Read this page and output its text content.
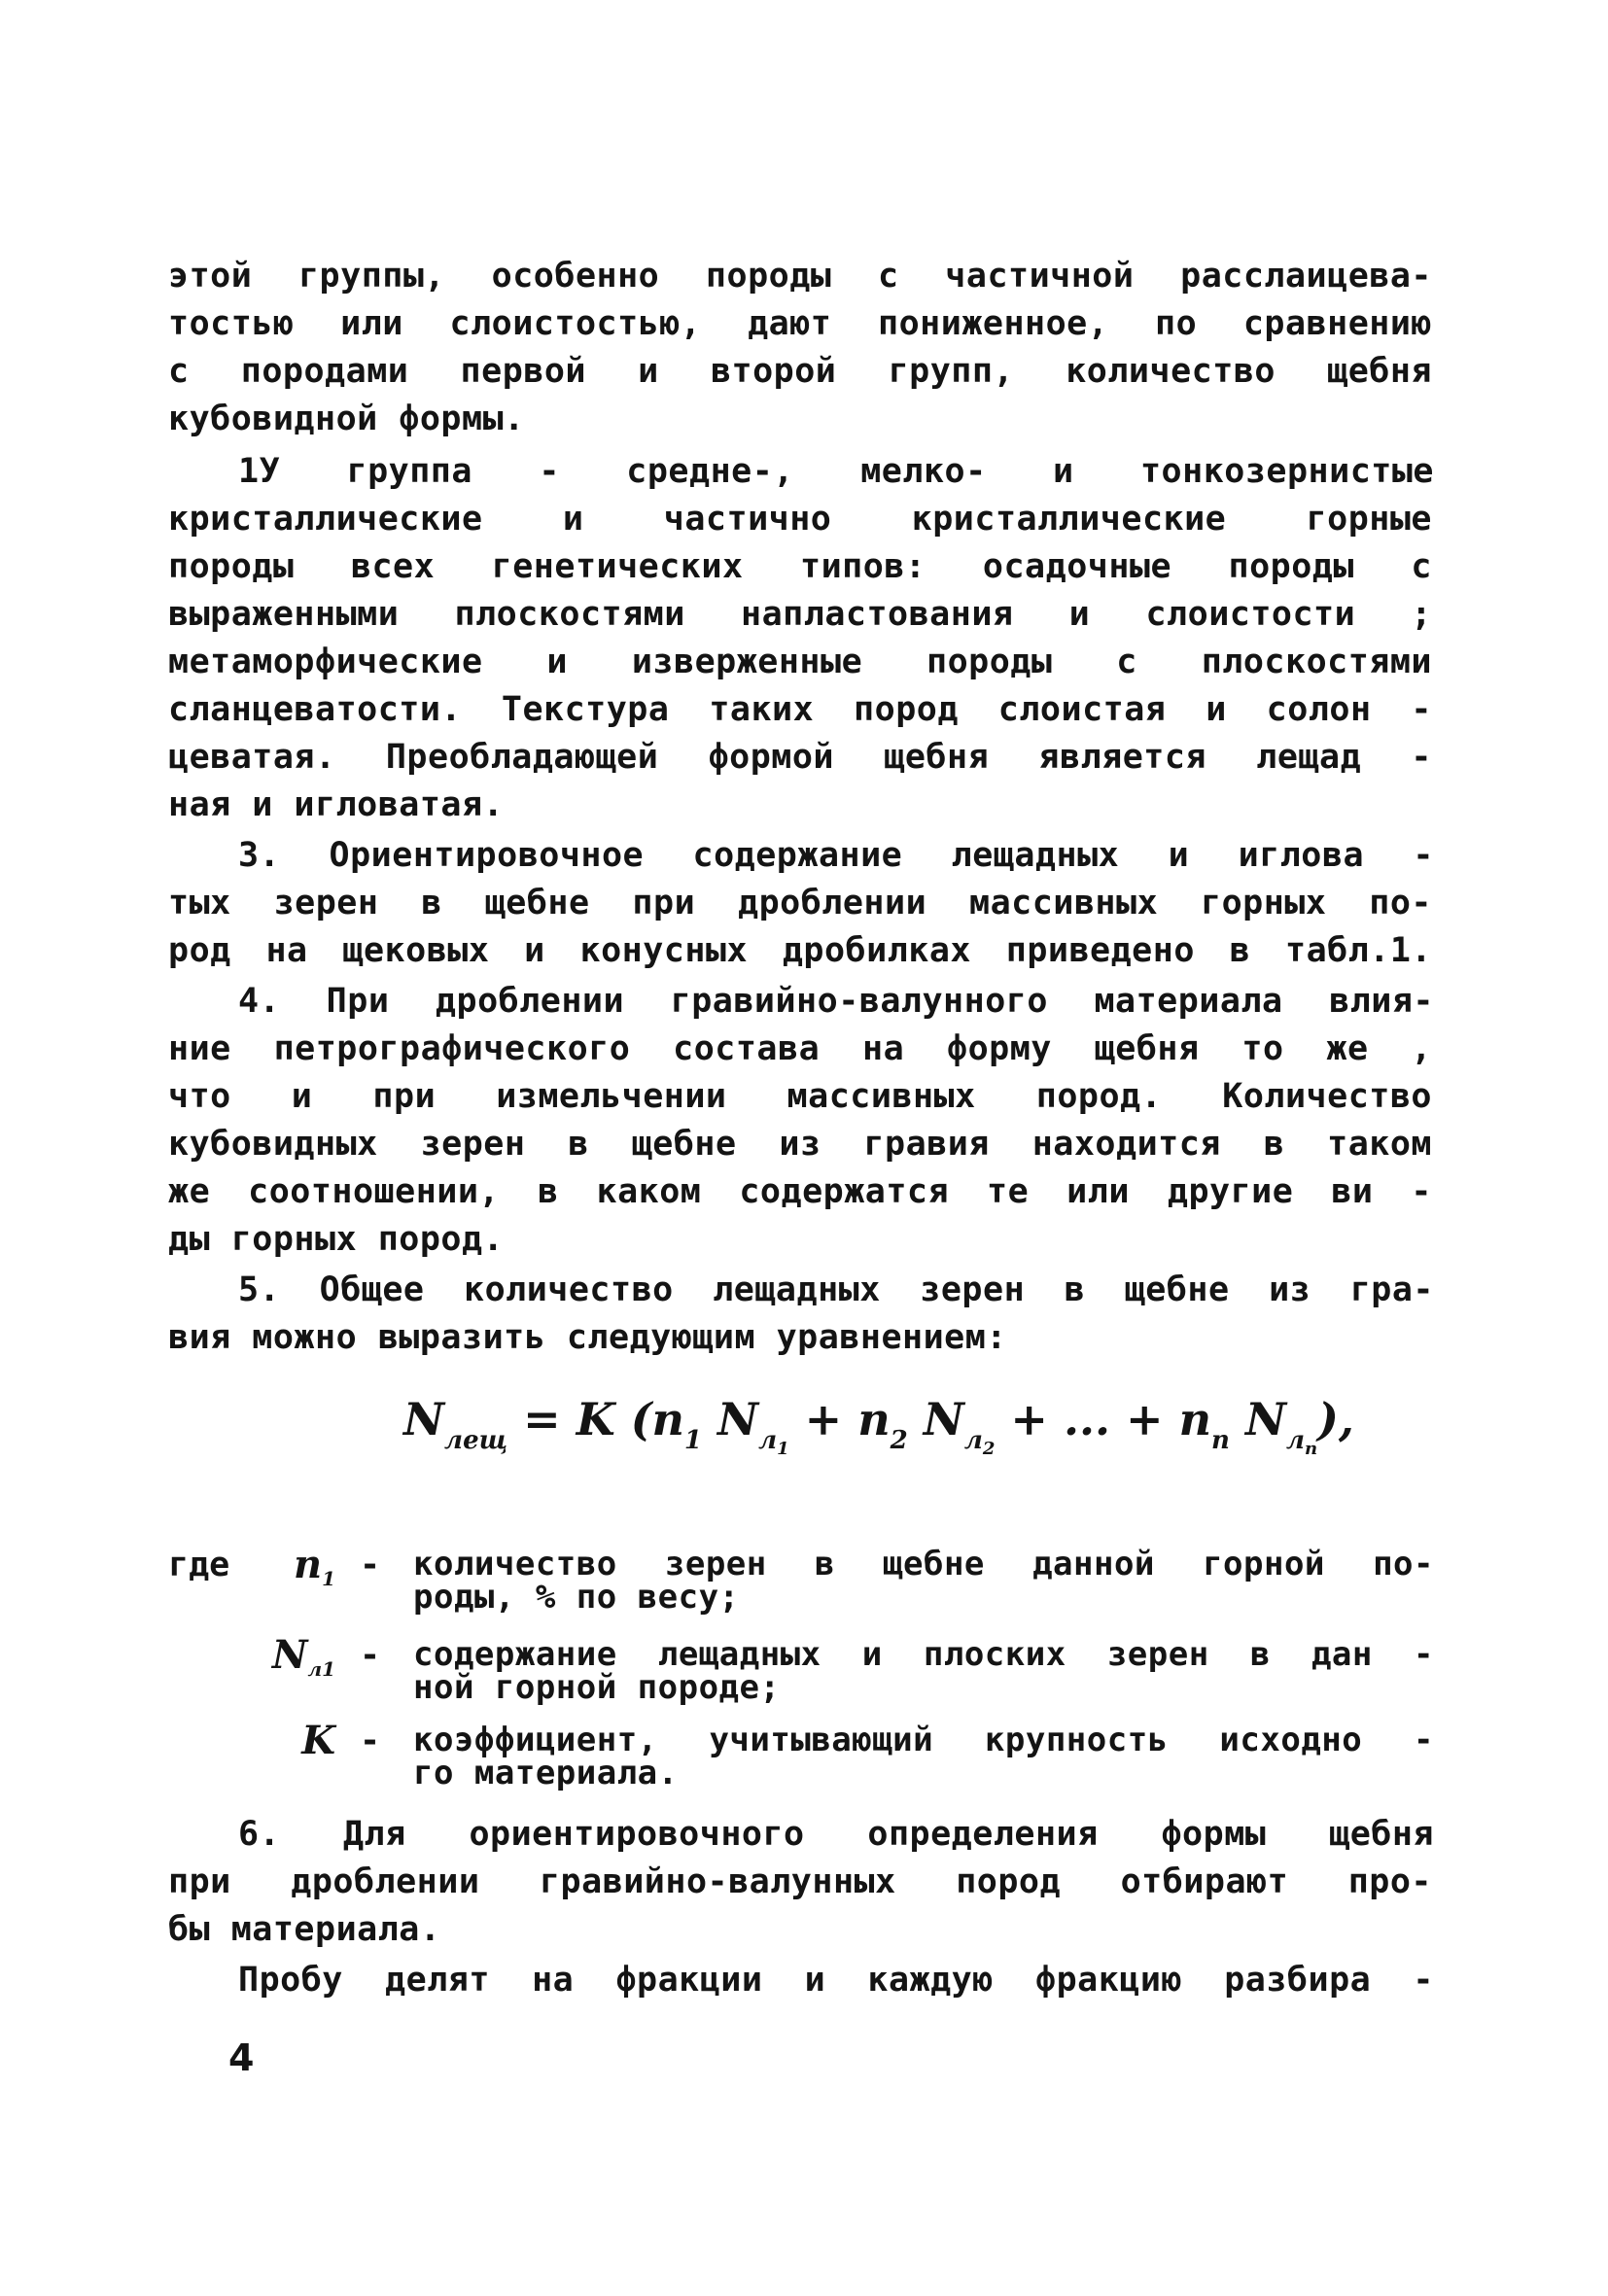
этой группы, особенно породы с частичной расслаицева-
тостью или слоистостью, дают пониженное, по сравнению
с породами первой и второй групп, количество щебня
кубовидной формы.
1У группа - средне-, мелко- и тонкозернистые
кристаллические и частично кристаллические горные
породы всех генетических типов: осадочные породы с
выраженными плоскостями напластования и слоистости ;
метаморфические и изверженные породы с плоскостями
сланцеватости. Текстура таких пород слоистая и солон -
цеватая. Преобладающей формой щебня является лещад -
ная и игловатая.
3. Ориентировочное содержание лещадных и игловa -
тых зерен в щебне при дроблении массивных горных по-
род на щековых и конусных дробилках приведено в табл.1.
4. При дроблении гравийно-валунного материала влия-
ние петрографического состава на форму щебня то же ,
что и при измельчении массивных пород. Количество
кубовидных зерен в щебне из гравия находится в таком
же соотношении, в каком содержатся те или другие ви -
ды горных пород.
5. Общее количество лещадных зерен в щебне из гра-
вия можно выразить следующим уравнением:
$N_{лещ} = K$ ($n_1$ $N_{л_1} + n_2$ $N_{л_2}$ + ... + $n_n$ $N_{л_n}$),
где	$n_1$ - количество зерен в щебне данной горной по-
роды, % по весу;
$N_{л1}$ - содержание лещадных и плоских зерен в дан -
ной горной породе;
K - коэффициент, учитывающий крупность исходно -
го материала.
6. Для ориентировочного определения формы щебня
при дроблении гравийно-валунных пород отбирают про-
бы материала.
Пробу делят на фракции и каждую фракцию разбира -
4
